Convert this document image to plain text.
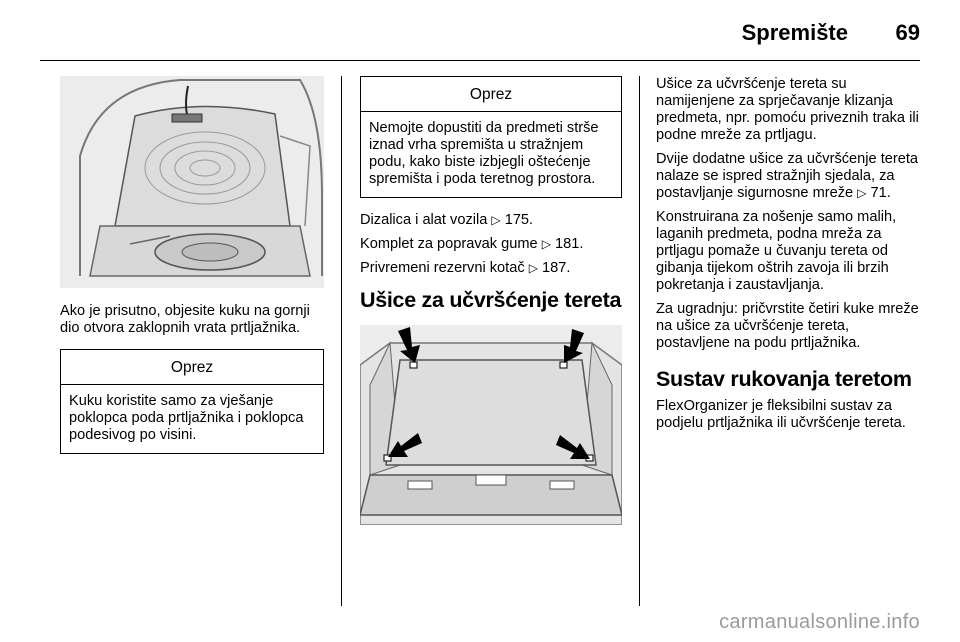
Spremište 69

Ako je prisutno, objesite kuku na gornji dio otvora zaklopnih vrata prtljažnika.

Oprez
Kuku koristite samo za vješanje poklopca poda prtljažnika i poklopca podesivog po visini.
Oprez
Nemojte dopustiti da predmeti strše iznad vrha spremišta u stražnjem podu, kako biste izbjegli oštećenje spremišta i poda teretnog prostora.

Dizalica i alat vozila ▷ 175.

Komplet za popravak gume ▷ 181.

Privremeni rezervni kotač ▷ 187.

Ušice za učvršćenje tereta

Ušice za učvršćenje tereta su namijenjene za sprječavanje klizanja predmeta, npr. pomoću priveznih traka ili podne mreže za prtljagu.

Dvije dodatne ušice za učvršćenje tereta nalaze se ispred stražnjih sjedala, za postavljanje sigurnosne mreže ▷ 71.

Konstruirana za nošenje samo malih, laganih predmeta, podna mreža za prtljagu pomaže u čuvanju tereta od gibanja tijekom oštrih zavoja ili brzih pokretanja i zaustavljanja.

Za ugradnju: pričvrstite četiri kuke mreže na ušice za učvršćenje tereta, postavljene na podu prtljažnika.

Sustav rukovanja teretom

FlexOrganizer je fleksibilni sustav za podjelu prtljažnika ili učvršćenje tereta.

carmanualsonline.info
